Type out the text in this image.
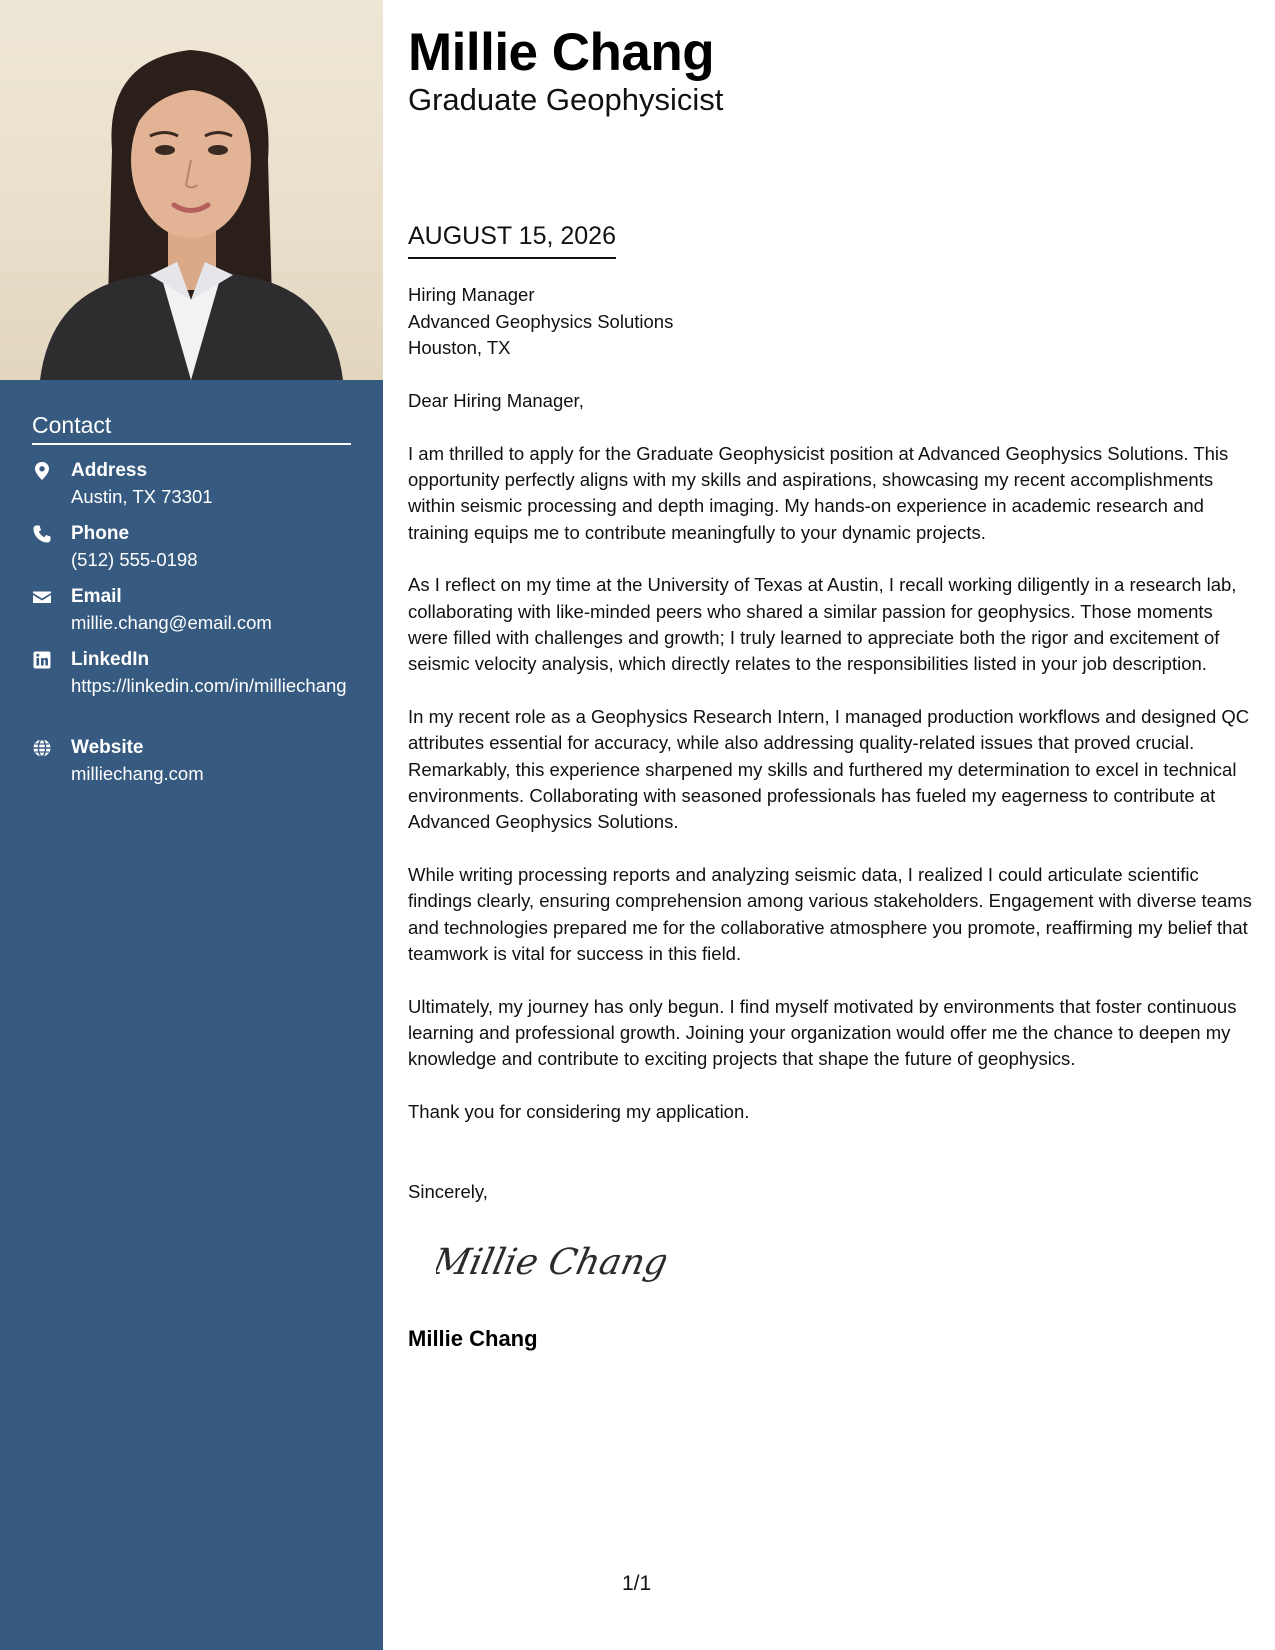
Contact
Address
Austin, TX 73301
Phone
(512) 555-0198
Email
millie.chang@email.com
LinkedIn
https://linkedin.com/in/milliechang
Website
milliechang.com
Millie Chang
Graduate Geophysicist
AUGUST 15, 2026
Hiring Manager
Advanced Geophysics Solutions
Houston, TX

Dear Hiring Manager,

I am thrilled to apply for the Graduate Geophysicist position at Advanced Geophysics Solutions. This opportunity perfectly aligns with my skills and aspirations, showcasing my recent accomplishments within seismic processing and depth imaging. My hands-on experience in academic research and training equips me to contribute meaningfully to your dynamic projects.

As I reflect on my time at the University of Texas at Austin, I recall working diligently in a research lab, collaborating with like-minded peers who shared a similar passion for geophysics. Those moments were filled with challenges and growth; I truly learned to appreciate both the rigor and excitement of seismic velocity analysis, which directly relates to the responsibilities listed in your job description.

In my recent role as a Geophysics Research Intern, I managed production workflows and designed QC attributes essential for accuracy, while also addressing quality-related issues that proved crucial. Remarkably, this experience sharpened my skills and furthered my determination to excel in technical environments. Collaborating with seasoned professionals has fueled my eagerness to contribute at Advanced Geophysics Solutions.

While writing processing reports and analyzing seismic data, I realized I could articulate scientific findings clearly, ensuring comprehension among various stakeholders. Engagement with diverse teams and technologies prepared me for the collaborative atmosphere you promote, reaffirming my belief that teamwork is vital for success in this field.

Ultimately, my journey has only begun. I find myself motivated by environments that foster continuous learning and professional growth. Joining your organization would offer me the chance to deepen my knowledge and contribute to exciting projects that shape the future of geophysics.

Thank you for considering my application.

Sincerely,
Millie Chang
Millie Chang
1/1
